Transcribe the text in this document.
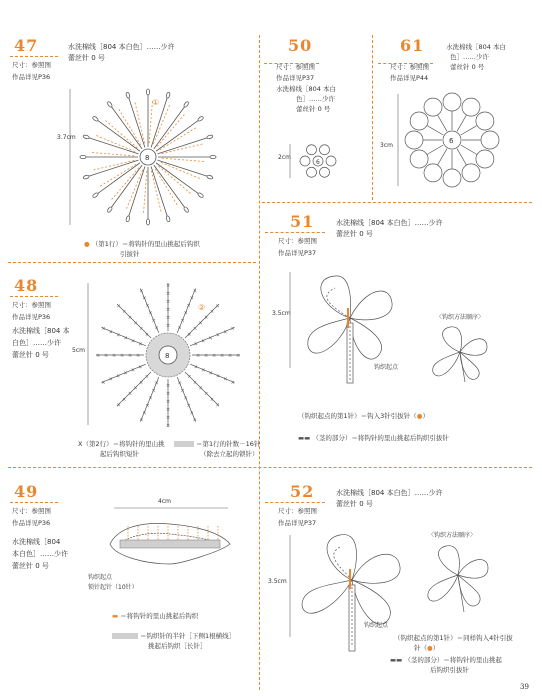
47
尺寸：参照图
作品详见P36
水洗棉线［804 本白色］……少许
蕾丝针 0 号
3.7cm
8
①
● （第1行）＝将钩针的里山挑起后钩织
引拔针
50
尺寸：参照图
作品详见P37
水洗棉线［804 本白
色］……少许
蕾丝针 0 号
2cm
6
61
尺寸：参照图
作品详见P44
水洗棉线［804 本白
色］……少许
蕾丝针 0 号
3cm
6
51
尺寸：参照图
作品详见P37
水洗棉线［804 本白色］……少许
蕾丝针 0 号
3.5cm
钩织起点
〈钩织方法顺序〉
（钩织起点的第1针）＝钩入3针引拔针（●）
▬▬ （茎的部分）＝将钩针的里山挑起后钩织引拔针
48
尺寸：参照图
作品详见P36
水洗棉线［804 本
白色］……少许
蕾丝针 0 号
5cm
× × × × × ×
×
×
×
×
×
×
×
×
×
×
×
×
×
×
×
×
×
×
×
×
×
×
×
×
×
×
×
×
×
×
×
×
×
×
×
×
×
×
×
×
×
×
×
×
×
×
×
×
×
×
×
×
×
×
×
×
×
×
×
×
×
×
×
×
×
×
×
×
×
×
×
×
×
×
×
×
×
×
×
×
×
×
×
×
×
×
×
×
×
×
8
②
X（第2行）＝将钩针的里山挑
起后钩织短针
＝第1行的针数－16针
（除去立起的锁针）
49
尺寸：参照图
作品详见P36
水洗棉线［804
本白色］……少许
蕾丝针 0 号
4cm
钩织起点
锁针起针（10针）
▬ ＝将钩针的里山挑起后钩织
＝钩织针的半针［下侧1根横线］
挑起后钩织［长针］
52
尺寸：参照图
作品详见P37
水洗棉线［804 本白色］……少许
蕾丝针 0 号
3.5cm
钩织起点
〈钩织方法顺序〉
（钩织起点的第1针）＝同样钩入4针引拔
针（●）
▬▬ （茎的部分）＝将钩针的里山挑起
后钩织引拔针
39
